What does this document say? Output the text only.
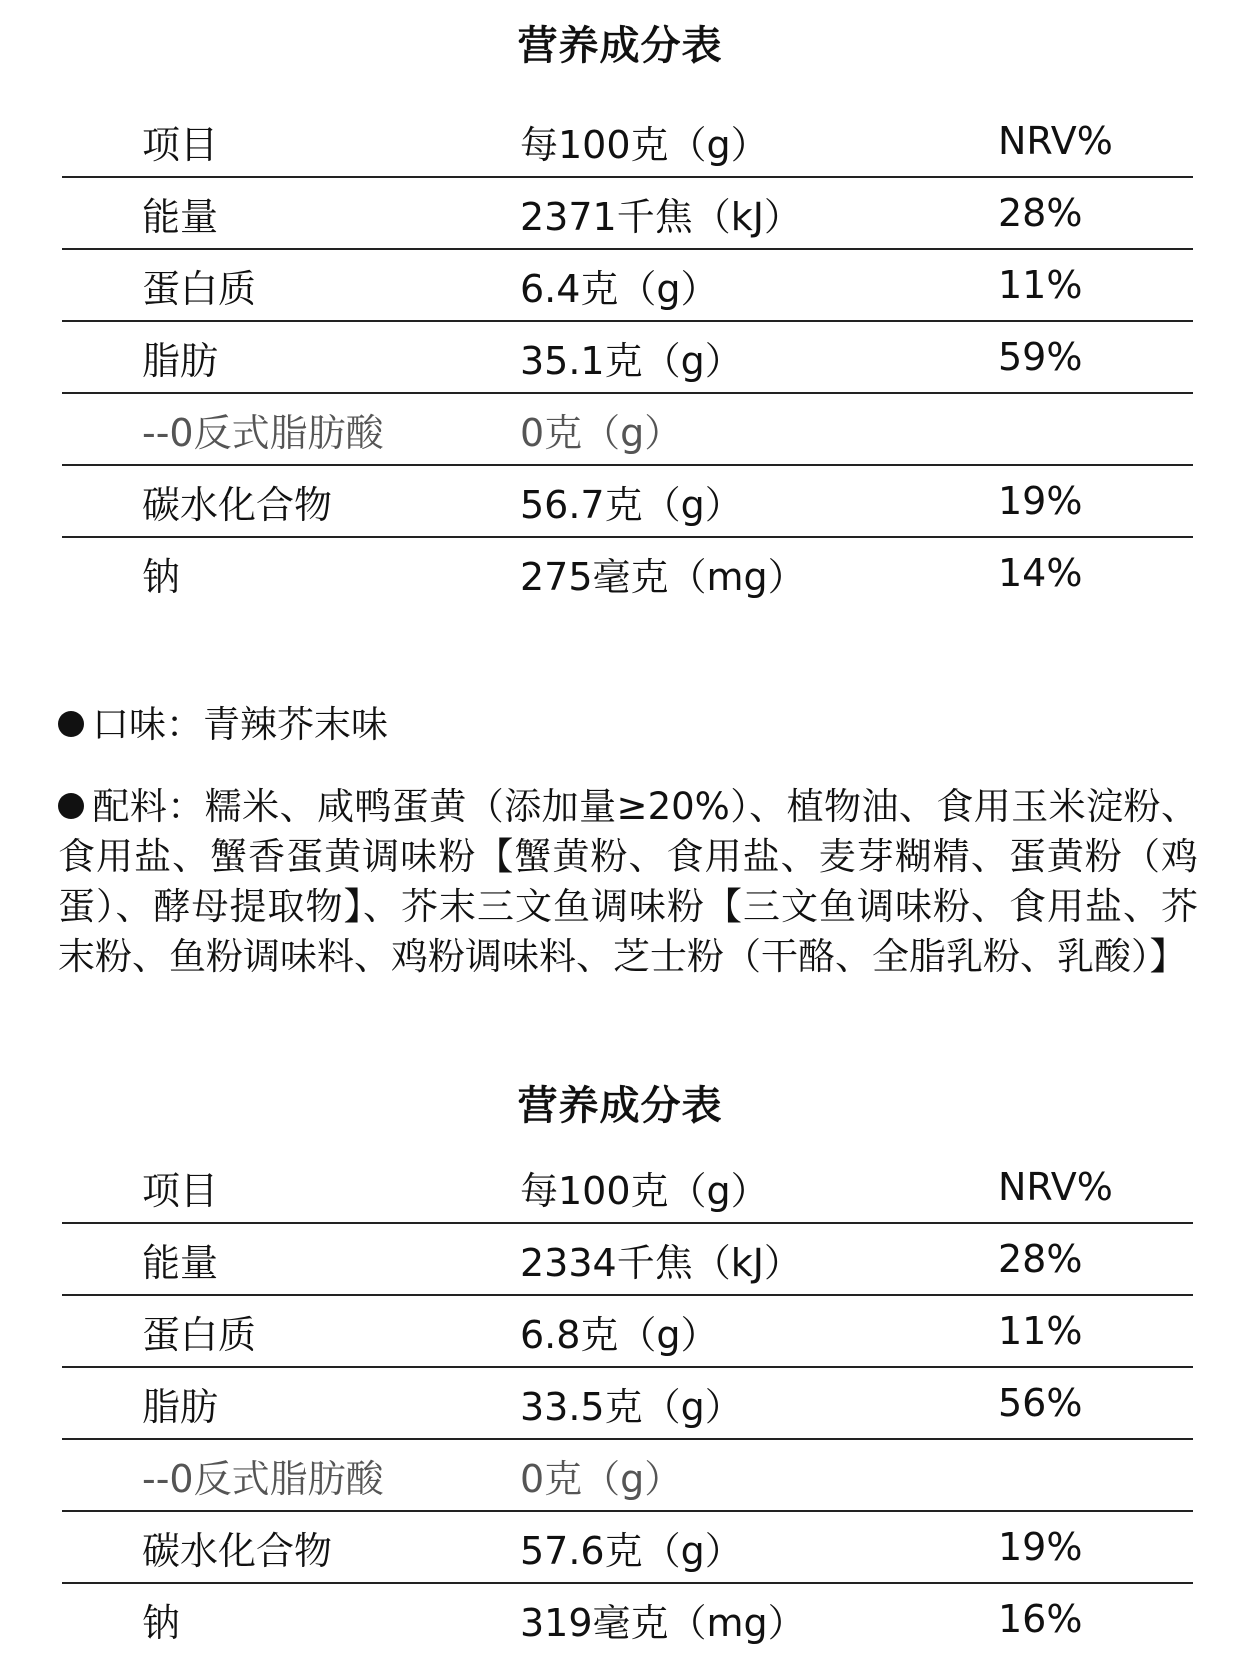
营养成分表
项目	每100克（g）	NRV%
能量	2371千焦（kJ）	28%
蛋白质	6.4克（g）	11%
脂肪	35.1克（g）	59%
--0反式脂肪酸	0克（g）	
碳水化合物	56.7克（g）	19%
钠	275毫克（mg）	14%
口味：青辣芥末味
配料：糯米、咸鸭蛋黄（添加量≥20%）、植物油、食用玉米淀粉、食用盐、蟹香蛋黄调味粉【蟹黄粉、食用盐、麦芽糊精、蛋黄粉（鸡蛋）、酵母提取物】、芥末三文鱼调味粉【三文鱼调味粉、食用盐、芥末粉、鱼粉调味料、鸡粉调味料、芝士粉（干酪、全脂乳粉、乳酸）】
营养成分表
项目	每100克（g）	NRV%
能量	2334千焦（kJ）	28%
蛋白质	6.8克（g）	11%
脂肪	33.5克（g）	56%
--0反式脂肪酸	0克（g）	
碳水化合物	57.6克（g）	19%
钠	319毫克（mg）	16%
